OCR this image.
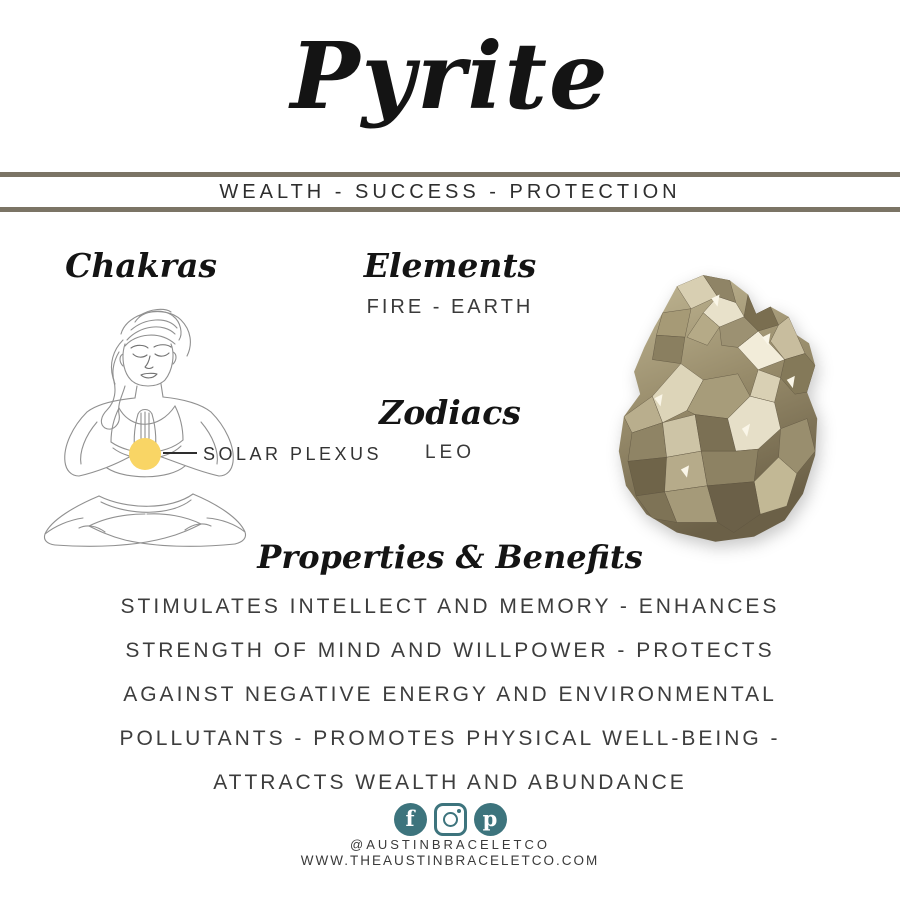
Pyrite
WEALTH - SUCCESS - PROTECTION
Chakras	Elements
FIRE - EARTH
Zodiacs
LEO
SOLAR PLEXUS
Properties & Benefits
STIMULATES INTELLECT AND MEMORY - ENHANCES
STRENGTH OF MIND AND WILLPOWER - PROTECTS
AGAINST NEGATIVE ENERGY AND ENVIRONMENTAL
POLLUTANTS - PROMOTES PHYSICAL WELL-BEING -
ATTRACTS WEALTH AND ABUNDANCE
f	p
@AUSTINBRACELETCO
WWW.THEAUSTINBRACELETCO.COM
